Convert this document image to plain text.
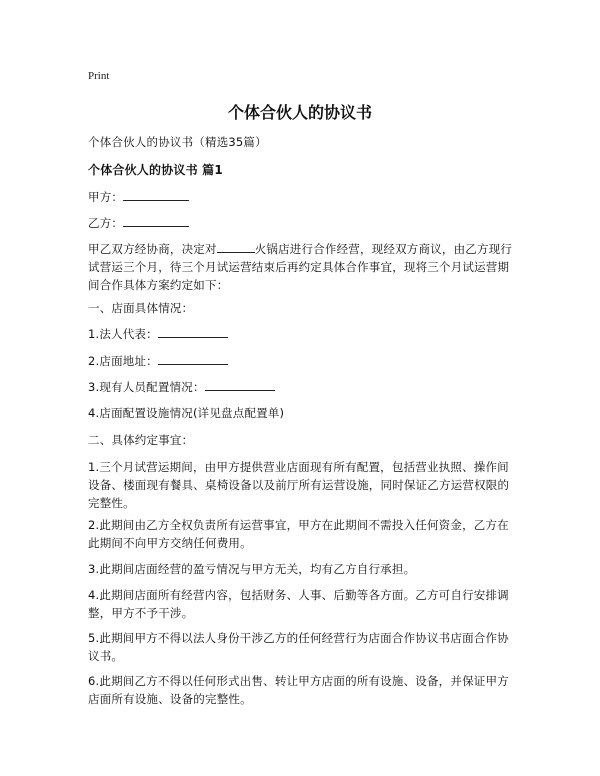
Print
个体合伙人的协议书

个体合伙人的协议书（精选35篇）

个体合伙人的协议书 篇1

甲方：

乙方：

甲乙双方经协商，决定对	火锅店进行合作经营，现经双方商议，由乙方现行试营运三个月，待三个月试运营结束后再约定具体合作事宜，现将三个月试运营期间合作具体方案约定如下：

一、店面具体情况：

1.法人代表：

2.店面地址：

3.现有人员配置情况：

4.店面配置设施情况(详见盘点配置单)

二、具体约定事宜：

1.三个月试营运期间，由甲方提供营业店面现有所有配置，包括营业执照、操作间设备、楼面现有餐具、桌椅设备以及前厅所有运营设施，同时保证乙方运营权限的完整性。

2.此期间由乙方全权负责所有运营事宜，甲方在此期间不需投入任何资金，乙方在此期间不向甲方交纳任何费用。

3.此期间店面经营的盈亏情况与甲方无关，均有乙方自行承担。

4.此期间店面所有经营内容，包括财务、人事、后勤等各方面。乙方可自行安排调整，甲方不予干涉。

5.此期间甲方不得以法人身份干涉乙方的任何经营行为店面合作协议书店面合作协议书。

6.此期间乙方不得以任何形式出售、转让甲方店面的所有设施、设备，并保证甲方店面所有设施、设备的完整性。
